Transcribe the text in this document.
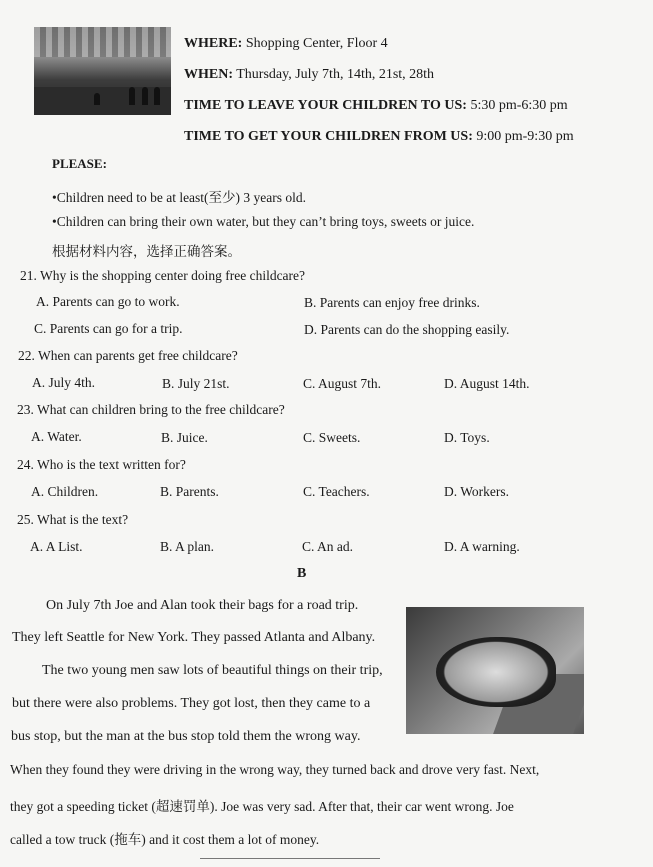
WHERE: Shopping Center, Floor 4
WHEN: Thursday, July 7th, 14th, 21st, 28th
TIME TO LEAVE YOUR CHILDREN TO US: 5:30 pm-6:30 pm
TIME TO GET YOUR CHILDREN FROM US: 9:00 pm-9:30 pm
PLEASE:
•Children need to be at least(至少) 3 years old.
•Children can bring their own water, but they can’t bring toys, sweets or juice.
根据材料内容，选择正确答案。
21. Why is the shopping center doing free childcare?
A. Parents can go to work.	B. Parents can enjoy free drinks.
C. Parents can go for a trip.	D. Parents can do the shopping easily.
22. When can parents get free childcare?
A. July 4th.	B. July 21st.	C. August 7th.	D. August 14th.
23. What can children bring to the free childcare?
A. Water.	B. Juice.	C. Sweets.	D. Toys.
24. Who is the text written for?
A. Children.	B. Parents.	C. Teachers.	D. Workers.
25. What is the text?
A. A List.	B. A plan.	C. An ad.	D. A warning.
B
On July 7th Joe and Alan took their bags for a road trip.
They left Seattle for New York. They passed Atlanta and Albany.
The two young men saw lots of beautiful things on their trip,
but there were also problems. They got lost, then they came to a
bus stop, but the man at the bus stop told them the wrong way.
When they found they were driving in the wrong way, they turned back and drove very fast. Next,
they got a speeding ticket (超速罚单). Joe was very sad. After that, their car went wrong. Joe
called a tow truck (拖车) and it cost them a lot of money.
